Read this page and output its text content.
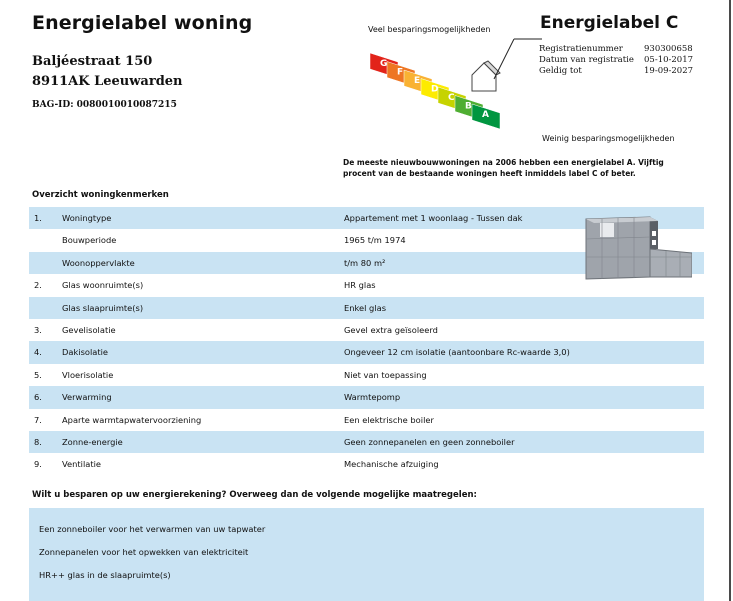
Energielabel woning
Baljéestraat 150
8911AK Leeuwarden
BAG-ID: 0080010010087215
Veel besparingsmogelijkheden
G
F
E
D
C
B
A
Energielabel C
Registratienummer 930300658
Datum van registratie 05-10-2017
Geldig tot	19-09-2027
Weinig besparingsmogelijkheden
De meeste nieuwbouwwoningen na 2006 hebben een energielabel A. Vijftig procent van de bestaande woningen heeft inmiddels label C of beter.
Overzicht woningkenmerken
1. Woningtype	Appartement met 1 woonlaag - Tussen dak
Bouwperiode	1965 t/m 1974
Woonoppervlakte	t/m 80 m²
2. Glas woonruimte(s)	HR glas
Glas slaapruimte(s)	Enkel glas
3. Gevelisolatie	Gevel extra geïsoleerd
4. Dakisolatie	Ongeveer 12 cm isolatie (aantoonbare Rc-waarde 3,0)
5. Vloerisolatie	Niet van toepassing
6. Verwarming	Warmtepomp
7. Aparte warmtapwatervoorziening	Een elektrische boiler
8. Zonne-energie	Geen zonnepanelen en geen zonneboiler
9. Ventilatie	Mechanische afzuiging
Wilt u besparen op uw energierekening? Overweeg dan de volgende mogelijke maatregelen:
Een zonneboiler voor het verwarmen van uw tapwater
Zonnepanelen voor het opwekken van elektriciteit
HR++ glas in de slaapruimte(s)
